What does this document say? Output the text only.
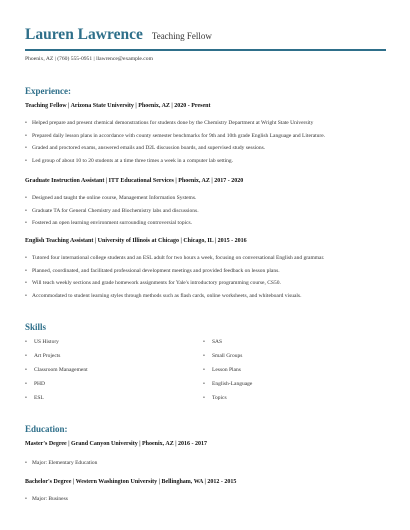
Lauren Lawrence Teaching Fellow
Phoenix, AZ | (760) 555-0951 | llawrence@example.com
Experience:
Teaching Fellow | Arizona State University | Phoenix, AZ | 2020 - Present
• Helped prepare and present chemical demonstrations for students done by the Chemistry Department at Wright State University
• Prepared daily lesson plans in accordance with county semester benchmarks for 9th and 10th grade English Language and Literature.
• Graded and proctored exams, answered emails and D2L discussion boards, and supervised study sessions.
• Led group of about 10 to 20 students at a time three times a week in a computer lab setting.
Graduate Instruction Assistant | ITT Educational Services | Phoenix, AZ | 2017 - 2020
• Designed and taught the online course, Management Information Systems.
• Graduate TA for General Chemistry and Biochemistry labs and discussions.
• Fostered an open learning environment surrounding controversial topics.
English Teaching Assistant | University of Illinois at Chicago | Chicago, IL | 2015 - 2016
• Tutored four international college students and an ESL adult for two hours a week, focusing on conversational English and grammar.
• Planned, coordinated, and facilitated professional development meetings and provided feedback on lesson plans.
• Will teach weekly sections and grade homework assignments for Yale's introductory programming course, CS50.
• Accommodated to student learning styles through methods such as flash cards, online worksheets, and whiteboard visuals.
Skills
• US History
• Art Projects
• Classroom Management
• PHD
• ESL
• SAS
• Small Groups
• Lesson Plans
• English-Language
• Topics
Education:
Master's Degree | Grand Canyon University | Phoenix, AZ | 2016 - 2017
• Major: Elementary Education
Bachelor's Degree | Western Washington University | Bellingham, WA | 2012 - 2015
• Major: Business
